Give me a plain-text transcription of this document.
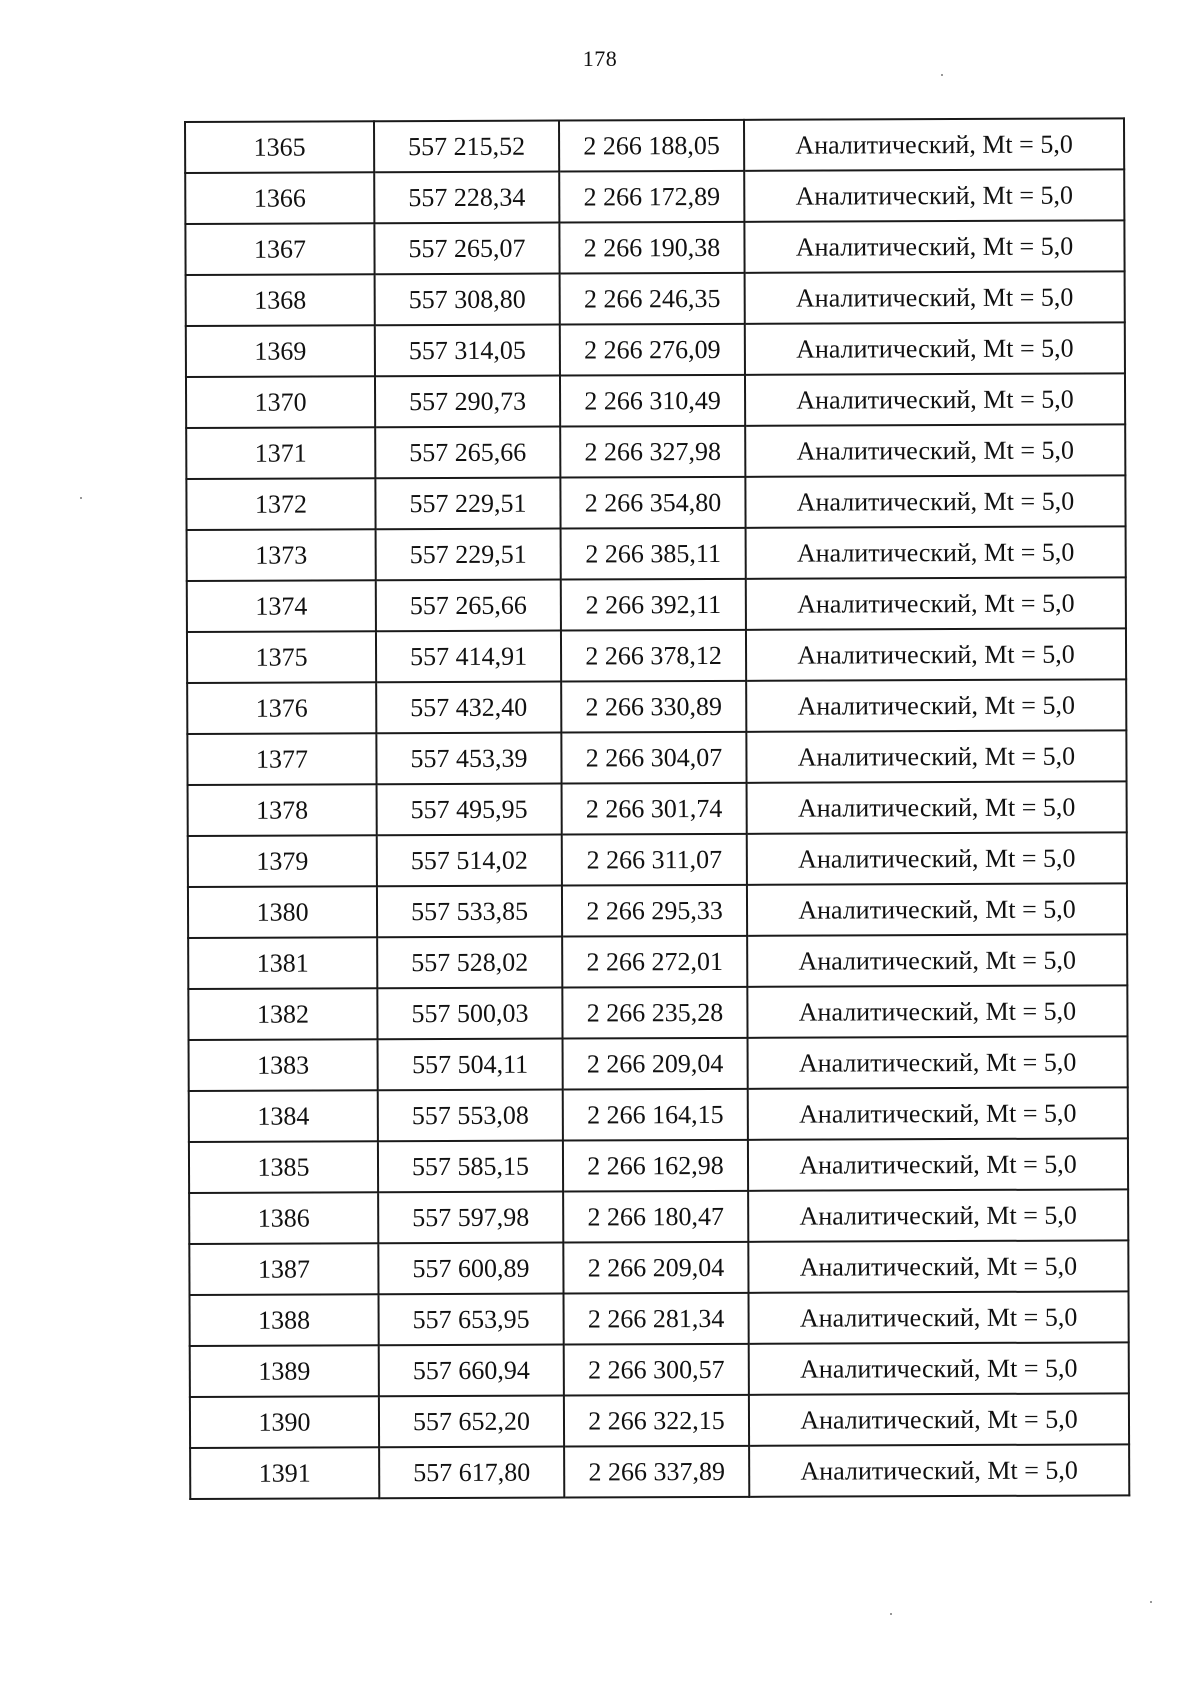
178
1365	557 215,52	2 266 188,05	Аналитический, Mt = 5,0
1366	557 228,34	2 266 172,89	Аналитический, Mt = 5,0
1367	557 265,07	2 266 190,38	Аналитический, Mt = 5,0
1368	557 308,80	2 266 246,35	Аналитический, Mt = 5,0
1369	557 314,05	2 266 276,09	Аналитический, Mt = 5,0
1370	557 290,73	2 266 310,49	Аналитический, Mt = 5,0
1371	557 265,66	2 266 327,98	Аналитический, Mt = 5,0
1372	557 229,51	2 266 354,80	Аналитический, Mt = 5,0
1373	557 229,51	2 266 385,11	Аналитический, Mt = 5,0
1374	557 265,66	2 266 392,11	Аналитический, Mt = 5,0
1375	557 414,91	2 266 378,12	Аналитический, Mt = 5,0
1376	557 432,40	2 266 330,89	Аналитический, Mt = 5,0
1377	557 453,39	2 266 304,07	Аналитический, Mt = 5,0
1378	557 495,95	2 266 301,74	Аналитический, Mt = 5,0
1379	557 514,02	2 266 311,07	Аналитический, Mt = 5,0
1380	557 533,85	2 266 295,33	Аналитический, Mt = 5,0
1381	557 528,02	2 266 272,01	Аналитический, Mt = 5,0
1382	557 500,03	2 266 235,28	Аналитический, Mt = 5,0
1383	557 504,11	2 266 209,04	Аналитический, Mt = 5,0
1384	557 553,08	2 266 164,15	Аналитический, Mt = 5,0
1385	557 585,15	2 266 162,98	Аналитический, Mt = 5,0
1386	557 597,98	2 266 180,47	Аналитический, Mt = 5,0
1387	557 600,89	2 266 209,04	Аналитический, Mt = 5,0
1388	557 653,95	2 266 281,34	Аналитический, Mt = 5,0
1389	557 660,94	2 266 300,57	Аналитический, Mt = 5,0
1390	557 652,20	2 266 322,15	Аналитический, Mt = 5,0
1391	557 617,80	2 266 337,89	Аналитический, Mt = 5,0
